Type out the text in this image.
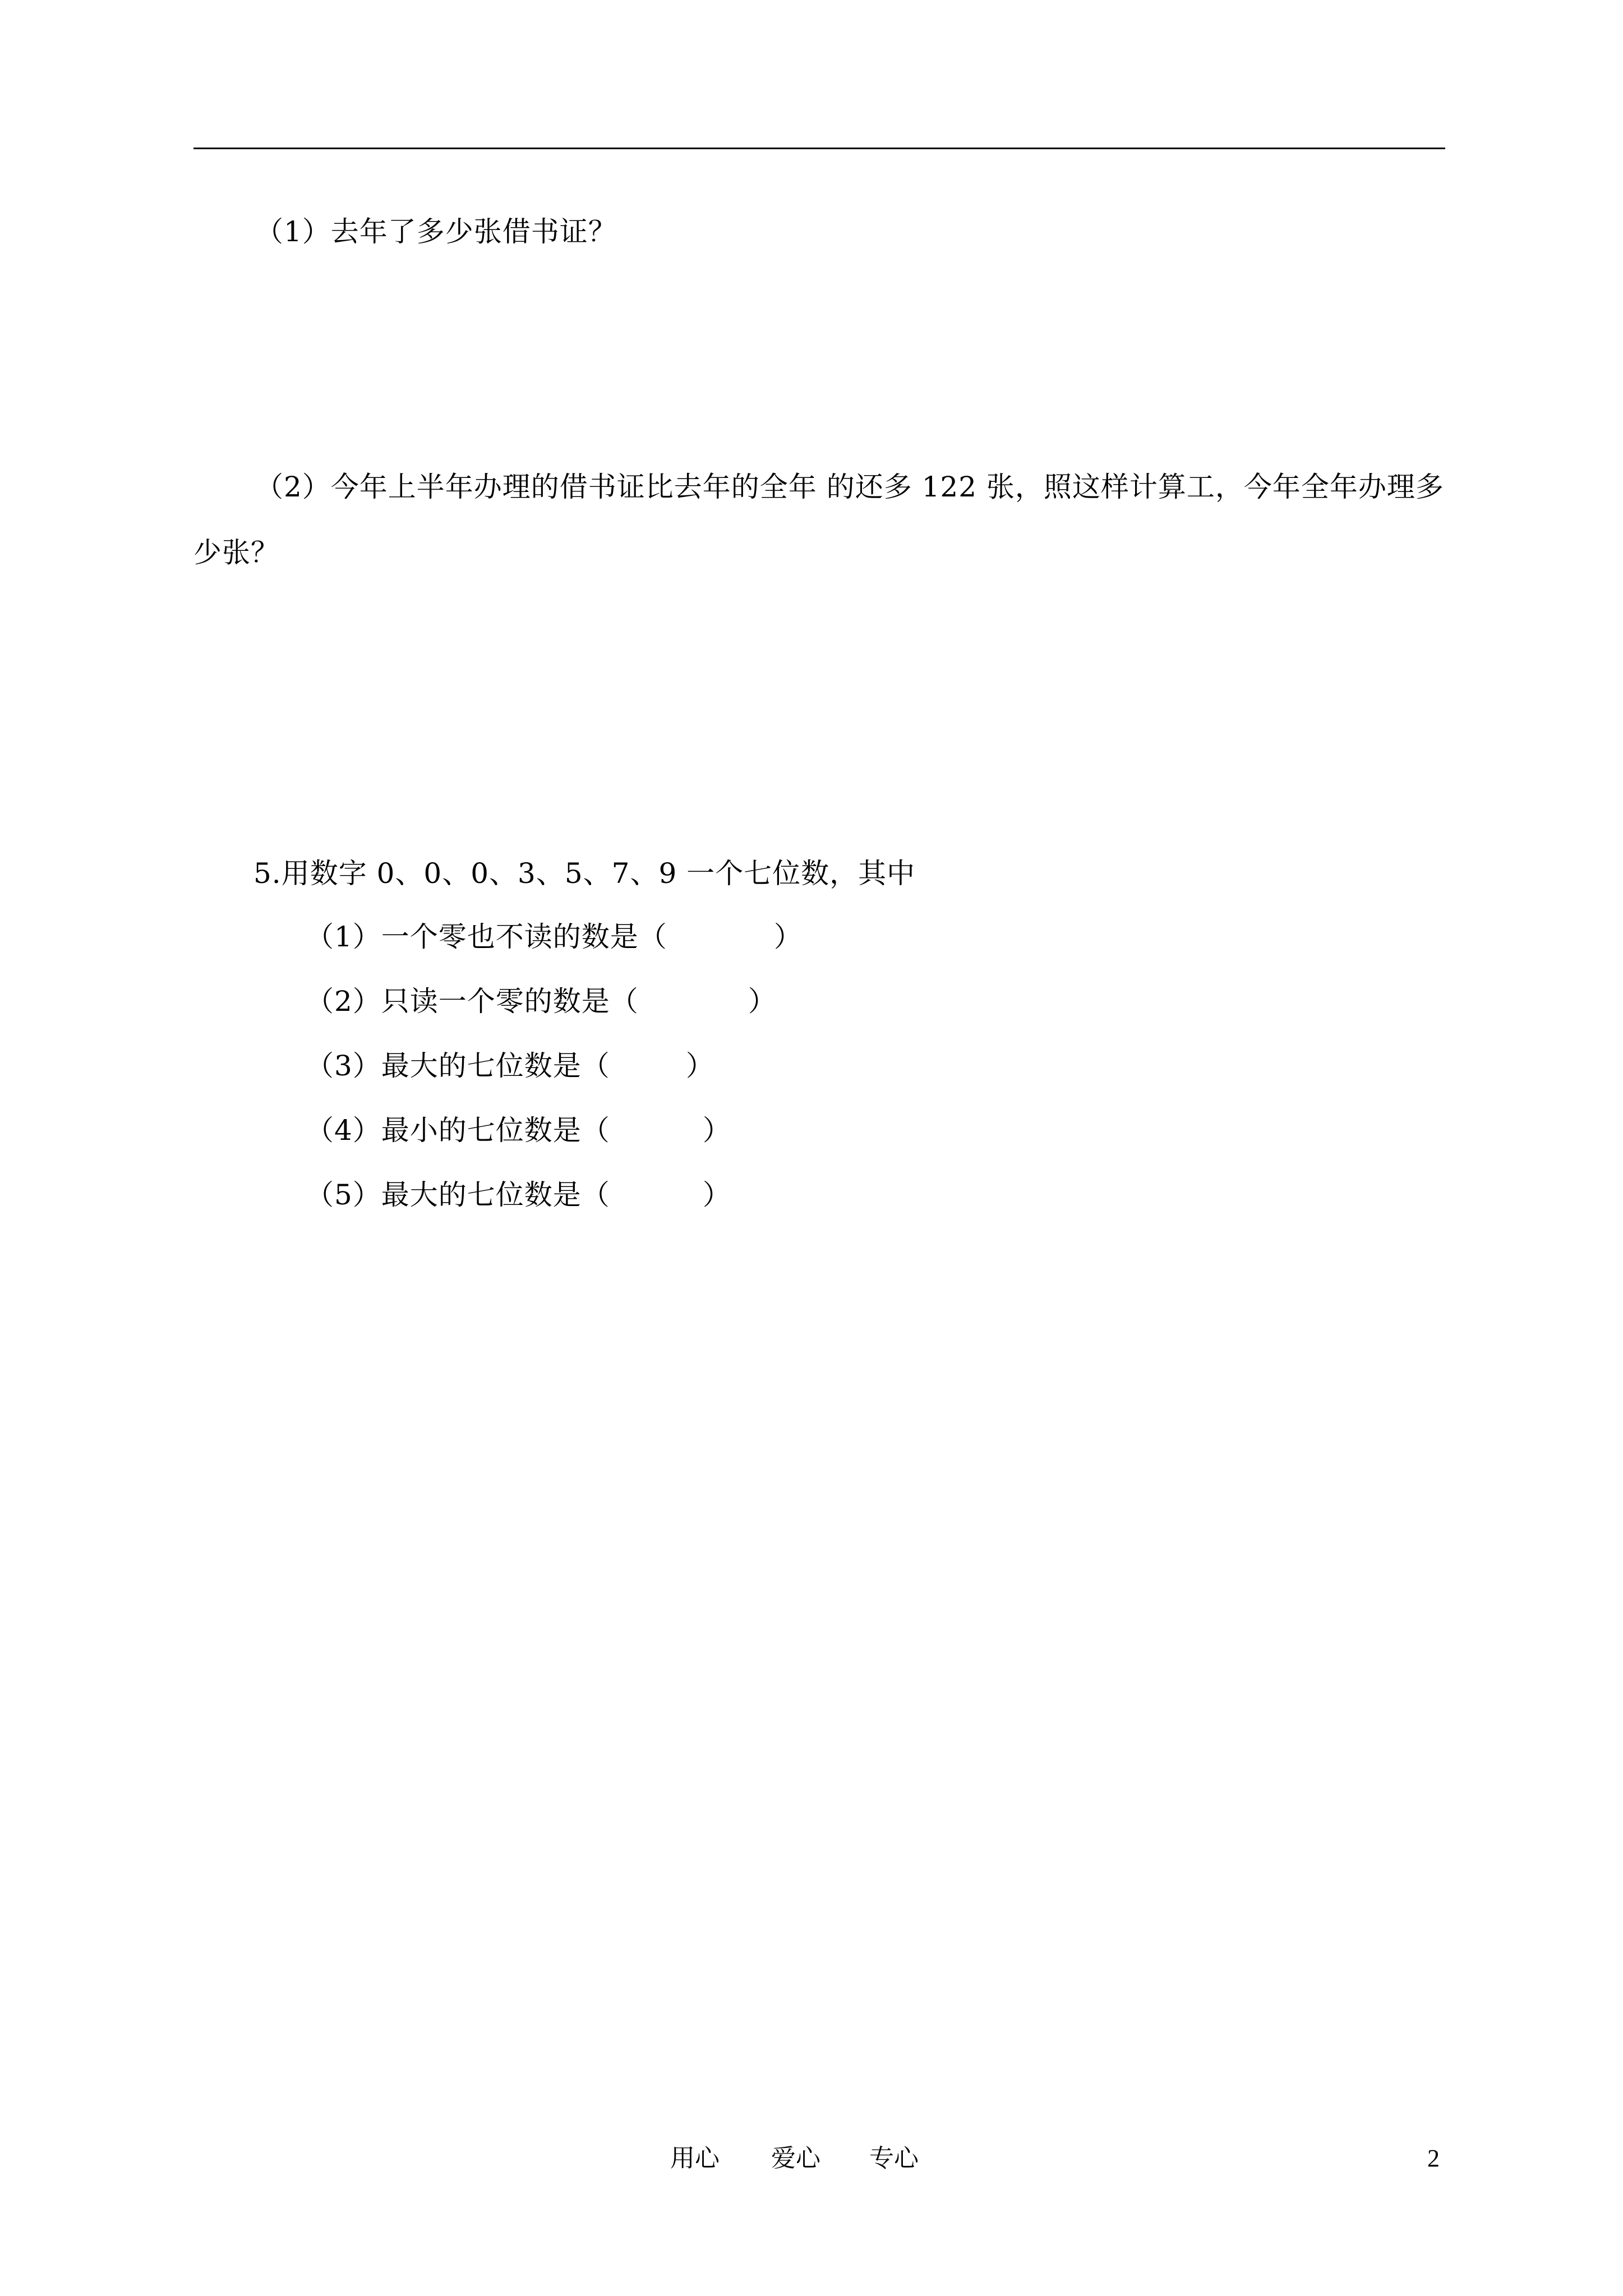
（1）去年了多少张借书证？
（2）今年上半年办理的借书证比去年的全年 的还多 122 张，照这样计算工，今年全年办理多
少张？
5.用数字 0、0、0、3、5、7、9 一个七位数，其中
（1）一个零也不读的数是（	）
（2）只读一个零的数是（	）
（3）最大的七位数是（	）
（4）最小的七位数是（	）
（5）最大的七位数是（	）
用心 爱心 专心	2
